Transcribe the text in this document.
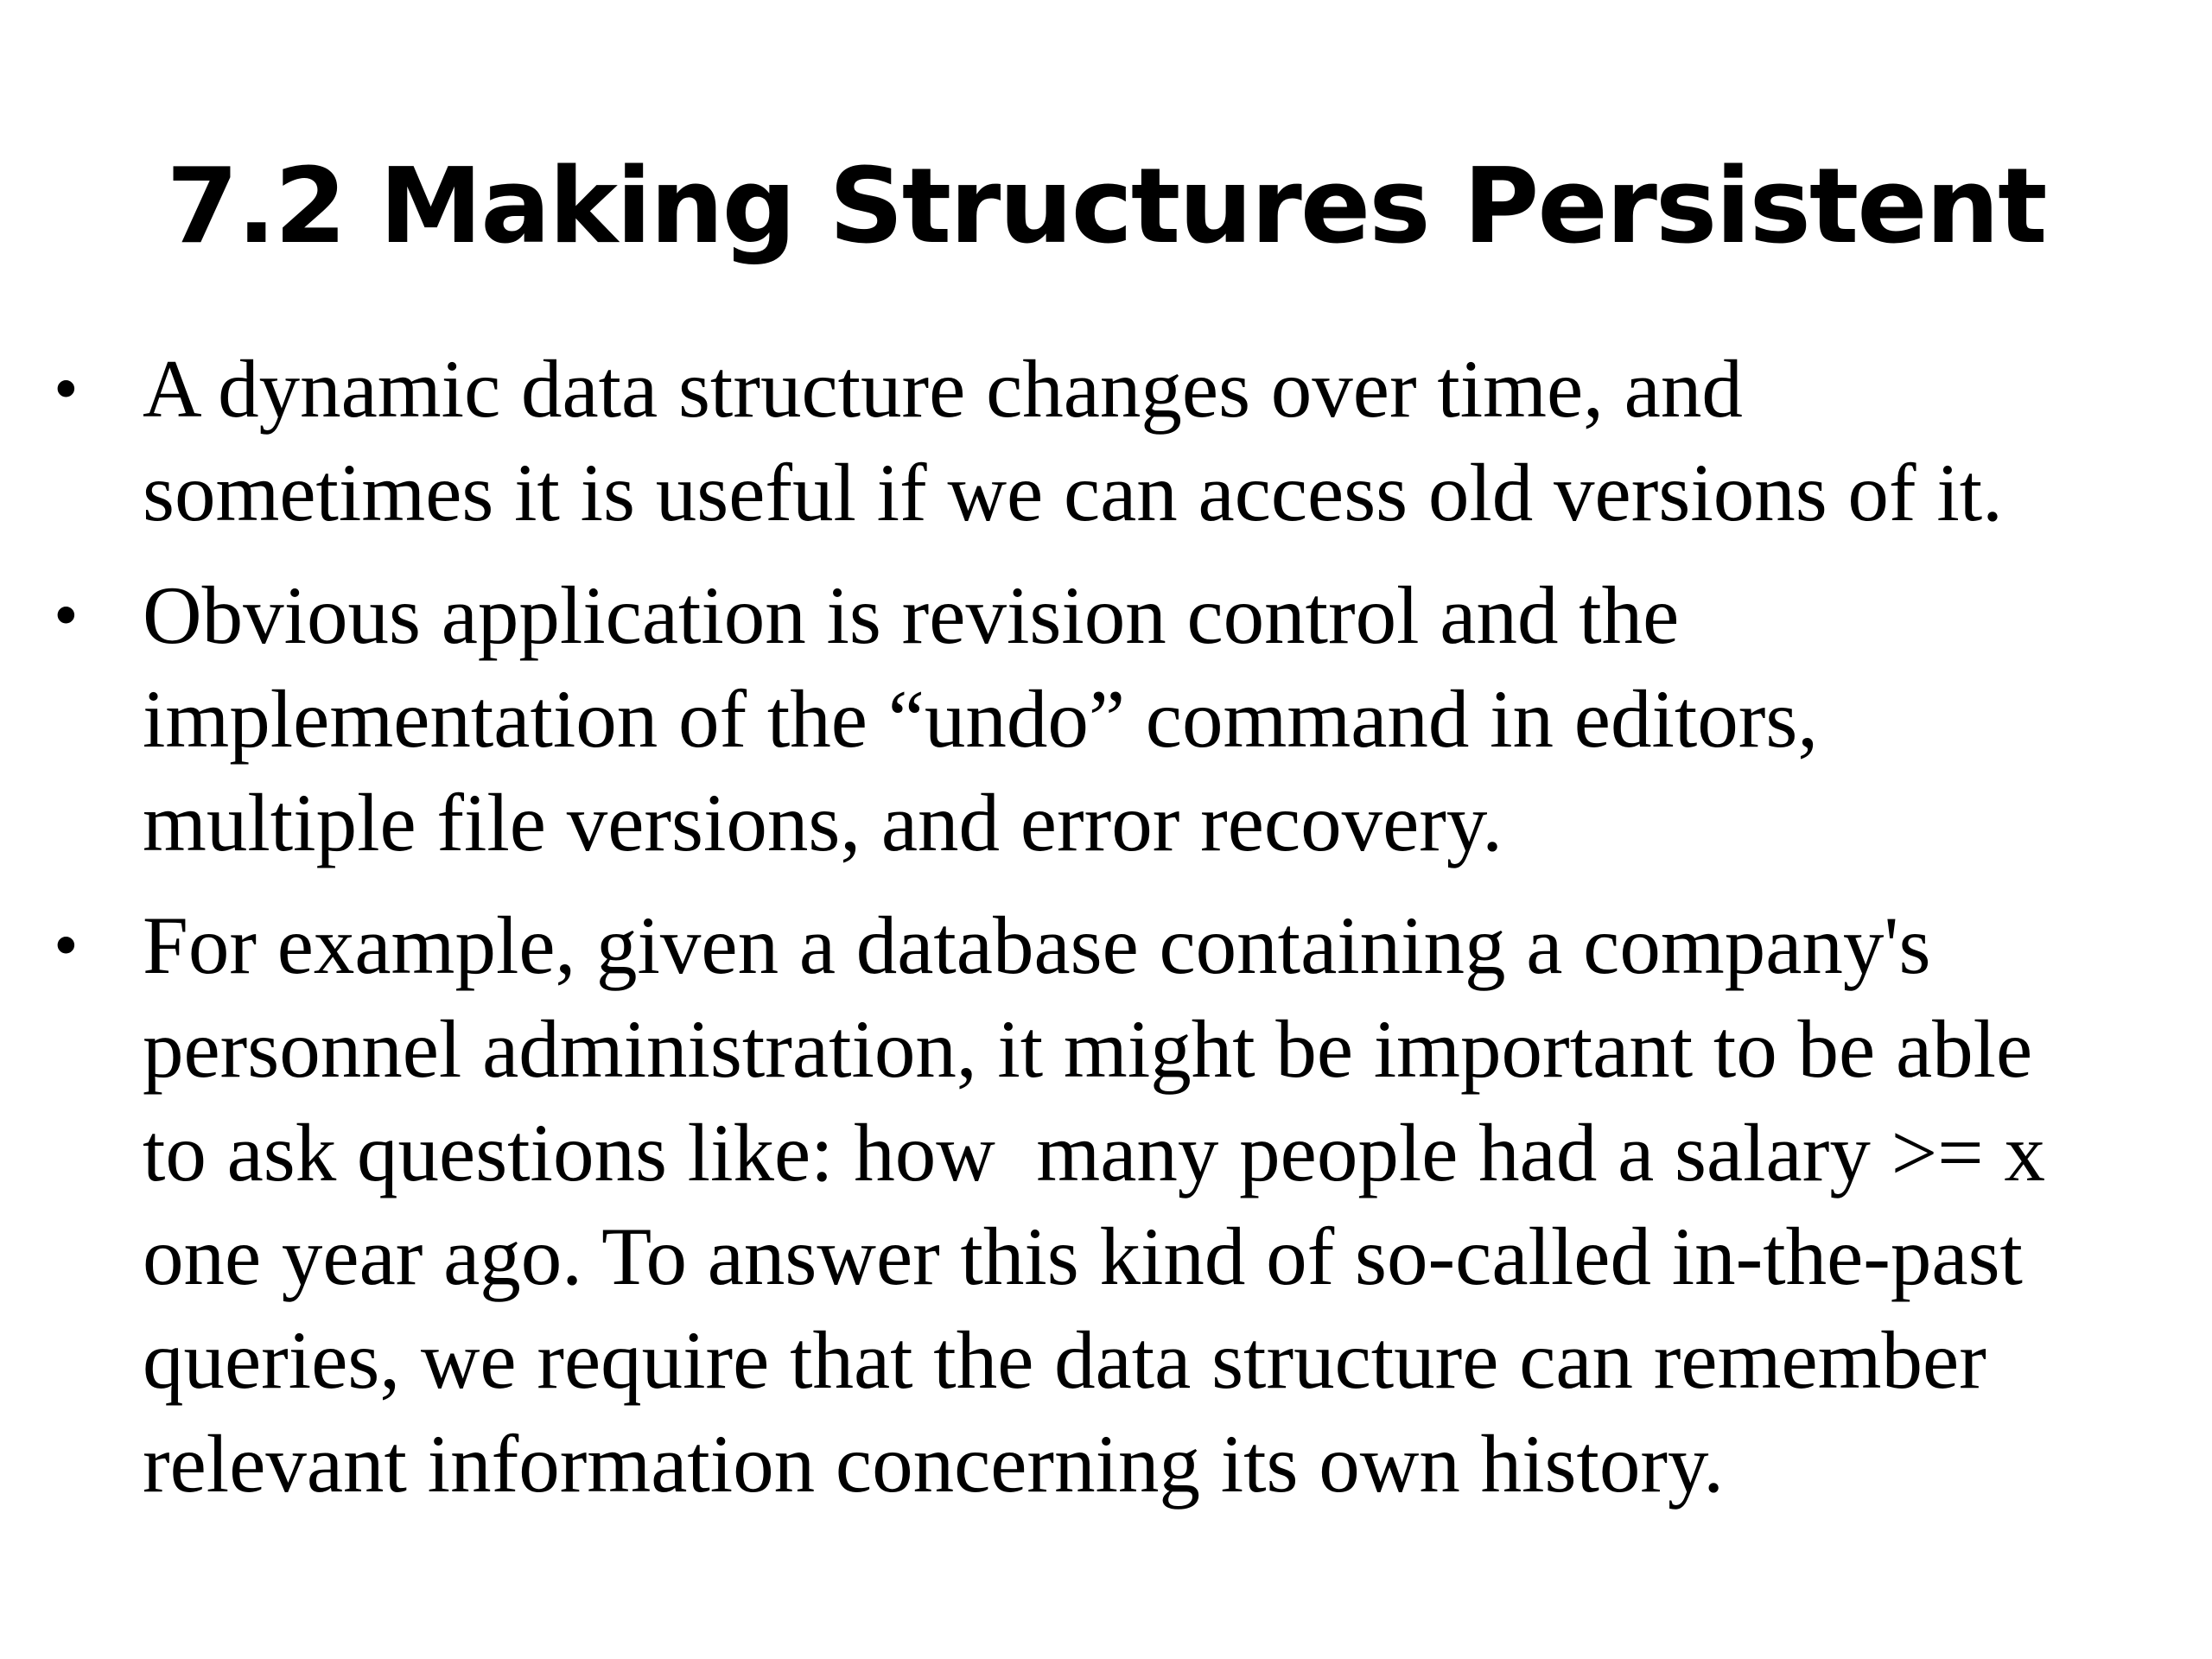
7.2 Making Structures Persistent
• A dynamic data structure changes over time, and
sometimes it is useful if we can access old versions of it.
• Obvious application is revision control and the
implementation of the “undo” command in editors,
multiple file versions, and error recovery.
• For example, given a database containing a company's
personnel administration, it might be important to be able
to ask questions like: how  many people had a salary >= x
one year ago. To answer this kind of so-called in-the-past
queries, we require that the data structure can remember
relevant information concerning its own history.
